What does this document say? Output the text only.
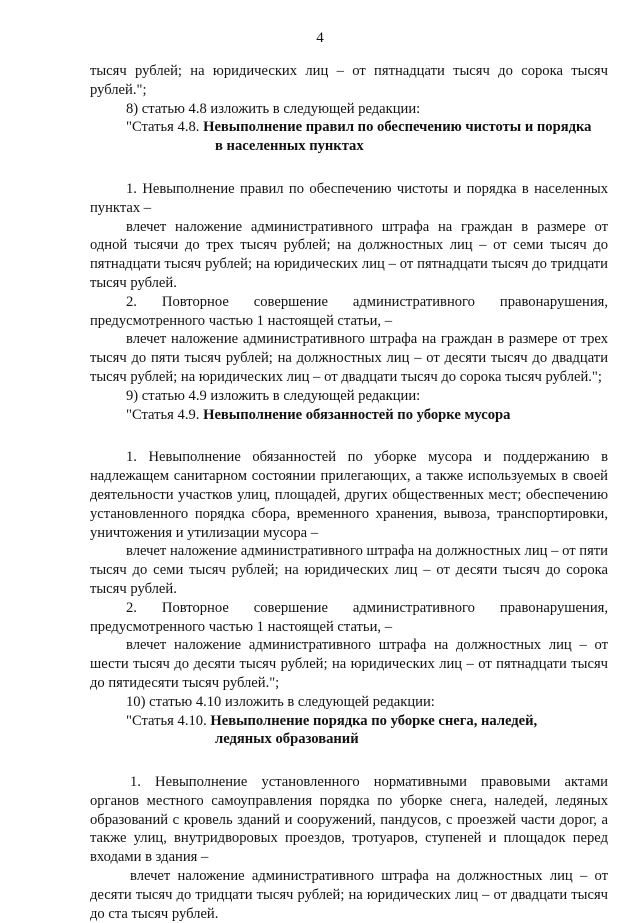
4

тысяч рублей; на юридических лиц – от пятнадцати тысяч до сорока тысяч рублей.";

8) статью 4.8 изложить в следующей редакции:

"Статья 4.8. Невыполнение правил по обеспечению чистоты и порядка

в населенных пунктах

1. Невыполнение правил по обеспечению чистоты и порядка в населенных пунктах –

влечет наложение административного штрафа на граждан в размере от одной тысячи до трех тысяч рублей; на должностных лиц – от семи тысяч до пятнадцати тысяч рублей; на юридических лиц – от пятнадцати тысяч до тридцати тысяч рублей.

2. Повторное совершение административного правонарушения, предусмотренного частью 1 настоящей статьи, –

влечет наложение административного штрафа на граждан в размере от трех тысяч до пяти тысяч рублей; на должностных лиц – от десяти тысяч до двадцати тысяч рублей; на юридических лиц – от двадцати тысяч до сорока тысяч рублей.";

9) статью 4.9 изложить в следующей редакции:

"Статья 4.9. Невыполнение обязанностей по уборке мусора

1. Невыполнение обязанностей по уборке мусора и поддержанию в надлежащем санитарном состоянии прилегающих, а также используемых в своей деятельности участков улиц, площадей, других общественных мест; обеспечению установленного порядка сбора, временного хранения, вывоза, транспортировки, уничтожения и утилизации мусора –

влечет наложение административного штрафа на должностных лиц – от пяти тысяч до семи тысяч рублей; на юридических лиц – от десяти тысяч до сорока тысяч рублей.

2. Повторное совершение административного правонарушения, предусмотренного частью 1 настоящей статьи, –

влечет наложение административного штрафа на должностных лиц – от шести тысяч до десяти тысяч рублей; на юридических лиц – от пятнадцати тысяч до пятидесяти тысяч рублей.";

10) статью 4.10 изложить в следующей редакции:

"Статья 4.10. Невыполнение порядка по уборке снега, наледей,

ледяных образований

1. Невыполнение установленного нормативными правовыми актами органов местного самоуправления порядка по уборке снега, наледей, ледяных образований с кровель зданий и сооружений, пандусов, с проезжей части дорог, а также улиц, внутридворовых проездов, тротуаров, ступеней и площадок перед входами в здания –

влечет наложение административного штрафа на должностных лиц – от десяти тысяч до тридцати тысяч рублей; на юридических лиц – от двадцати тысяч до ста тысяч рублей.
